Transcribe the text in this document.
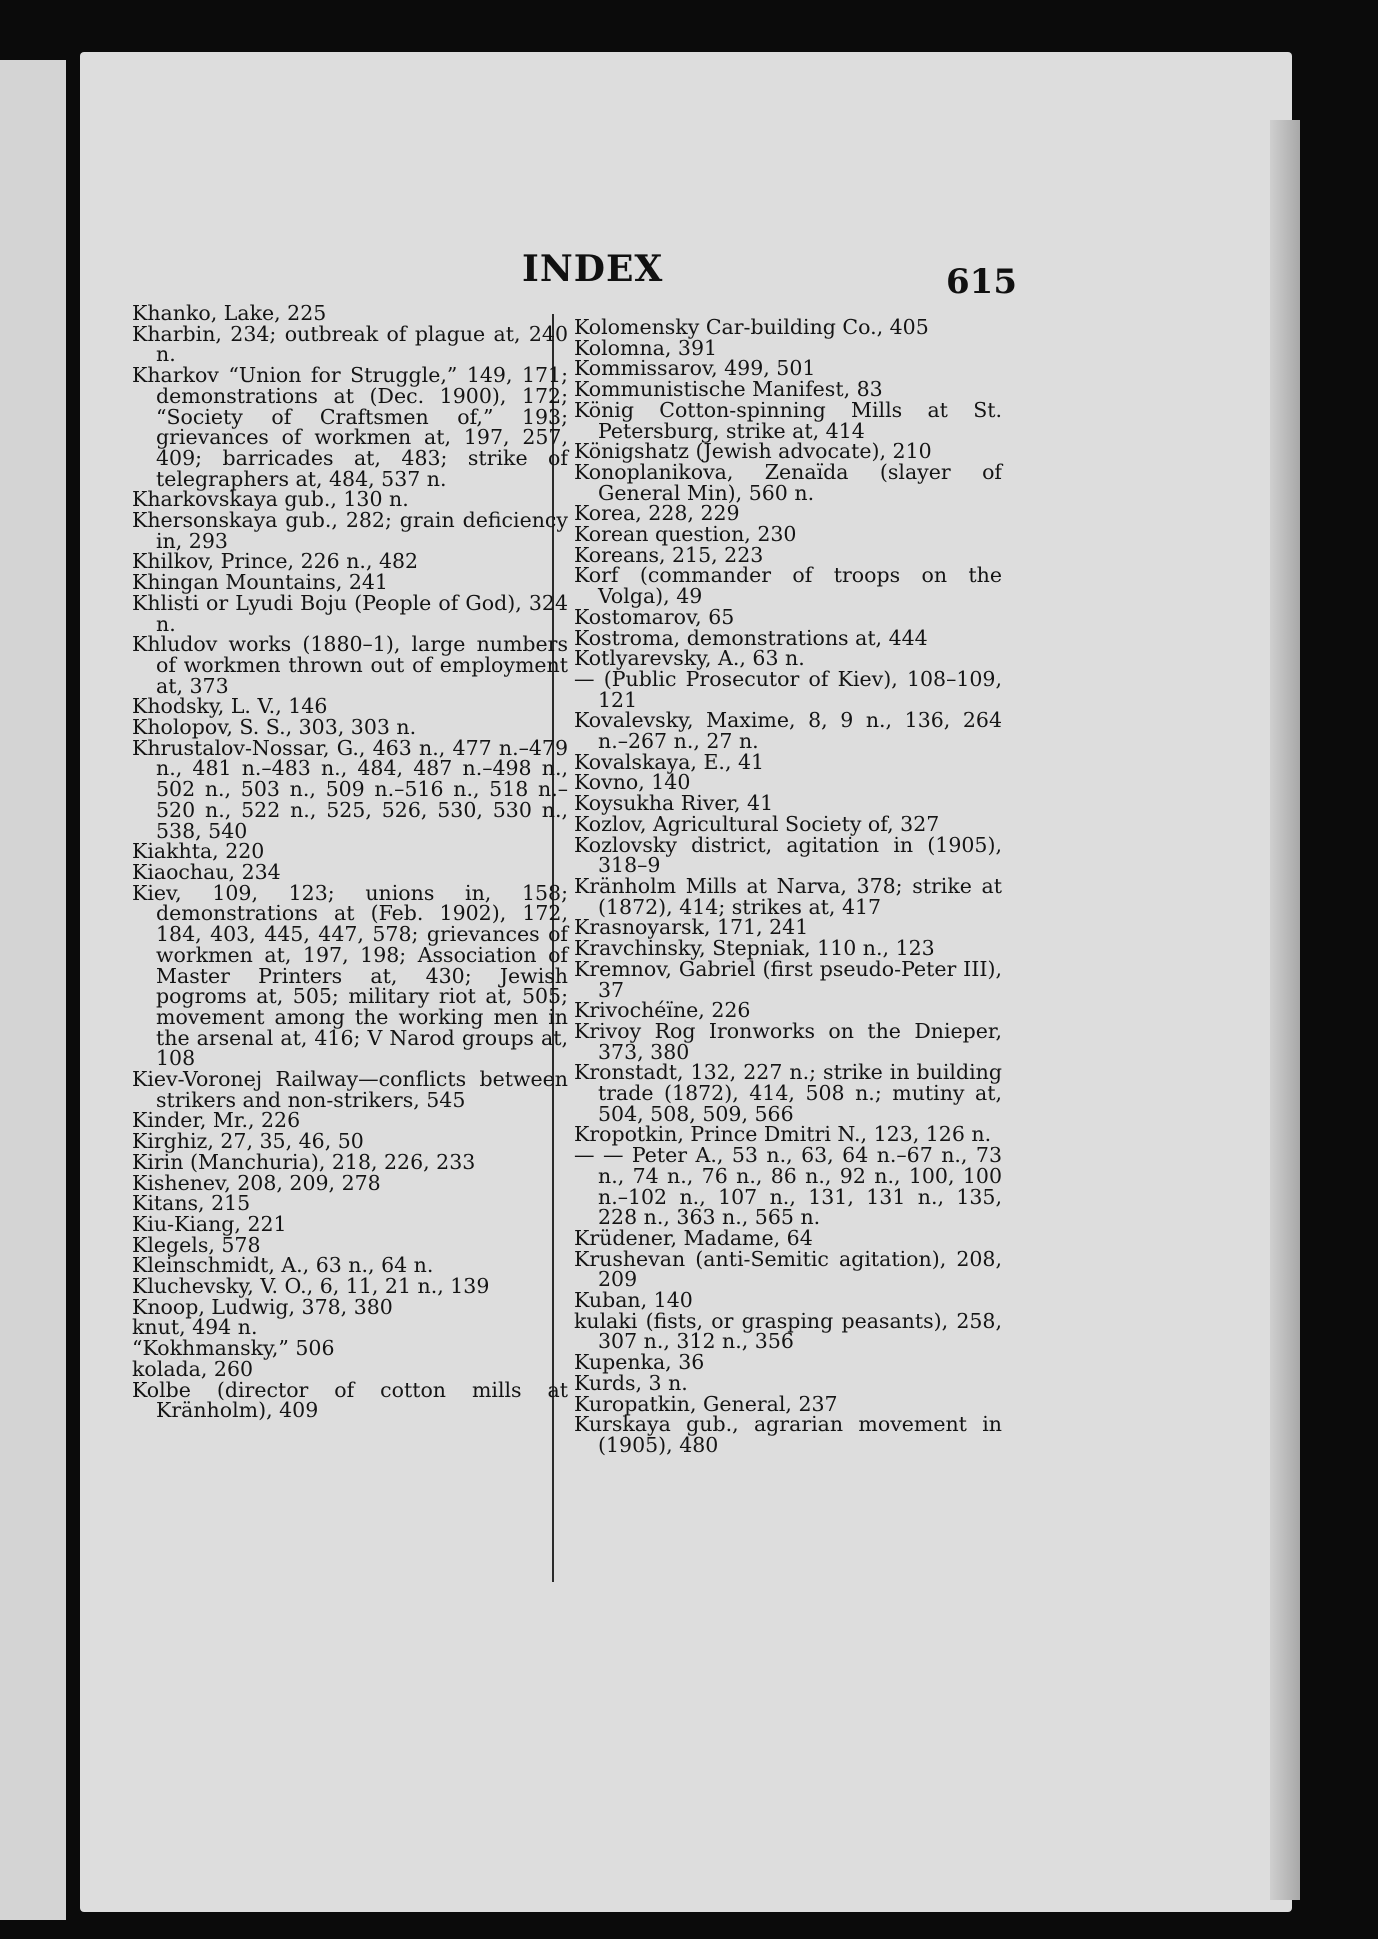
INDEX	615
Khanko, Lake, 225
Kharbin, 234; outbreak of plague at, 240 n.
Kharkov “Union for Struggle,” 149, 171; demonstrations at (Dec. 1900), 172; “Society of Craftsmen of,” 193; grievances of workmen at, 197, 257, 409; barricades at, 483; strike of telegraphers at, 484, 537 n.
Kharkovskaya gub., 130 n.
Khersonskaya gub., 282; grain deficiency in, 293
Khilkov, Prince, 226 n., 482
Khingan Mountains, 241
Khlisti or Lyudi Boju (People of God), 324 n.
Khludov works (1880–1), large numbers of workmen thrown out of employment at, 373
Khodsky, L. V., 146
Kholopov, S. S., 303, 303 n.
Khrustalov-Nossar, G., 463 n., 477 n.–479 n., 481 n.–483 n., 484, 487 n.–498 n., 502 n., 503 n., 509 n.–516 n., 518 n.–520 n., 522 n., 525, 526, 530, 530 n., 538, 540
Kiakhta, 220
Kiaochau, 234
Kiev, 109, 123; unions in, 158; demonstrations at (Feb. 1902), 172, 184, 403, 445, 447, 578; grievances of workmen at, 197, 198; Association of Master Printers at, 430; Jewish pogroms at, 505; military riot at, 505; movement among the working men in the arsenal at, 416; V Narod groups at, 108
Kiev-Voronej Railway—conflicts between strikers and non-strikers, 545
Kinder, Mr., 226
Kirghiz, 27, 35, 46, 50
Kirin (Manchuria), 218, 226, 233
Kishenev, 208, 209, 278
Kitans, 215
Kiu-Kiang, 221
Klegels, 578
Kleinschmidt, A., 63 n., 64 n.
Kluchevsky, V. O., 6, 11, 21 n., 139
Knoop, Ludwig, 378, 380
knut, 494 n.
“Kokhmansky,” 506
kolada, 260
Kolbe (director of cotton mills at Kränholm), 409
Kolomensky Car-building Co., 405
Kolomna, 391
Kommissarov, 499, 501
Kommunistische Manifest, 83
König Cotton-spinning Mills at St. Petersburg, strike at, 414
Königshatz (Jewish advocate), 210
Konoplanikova, Zenaïda (slayer of General Min), 560 n.
Korea, 228, 229
Korean question, 230
Koreans, 215, 223
Korf (commander of troops on the Volga), 49
Kostomarov, 65
Kostroma, demonstrations at, 444
Kotlyarevsky, A., 63 n.
— (Public Prosecutor of Kiev), 108–109, 121
Kovalevsky, Maxime, 8, 9 n., 136, 264 n.–267 n., 27 n.
Kovalskaya, E., 41
Kovno, 140
Koysukha River, 41
Kozlov, Agricultural Society of, 327
Kozlovsky district, agitation in (1905), 318–9
Kränholm Mills at Narva, 378; strike at (1872), 414; strikes at, 417
Krasnoyarsk, 171, 241
Kravchinsky, Stepniak, 110 n., 123
Kremnov, Gabriel (first pseudo-Peter III), 37
Krivochéïne, 226
Krivoy Rog Ironworks on the Dnieper, 373, 380
Kronstadt, 132, 227 n.; strike in building trade (1872), 414, 508 n.; mutiny at, 504, 508, 509, 566
Kropotkin, Prince Dmitri N., 123, 126 n.
— — Peter A., 53 n., 63, 64 n.–67 n., 73 n., 74 n., 76 n., 86 n., 92 n., 100, 100 n.–102 n., 107 n., 131, 131 n., 135, 228 n., 363 n., 565 n.
Krüdener, Madame, 64
Krushevan (anti-Semitic agitation), 208, 209
Kuban, 140
kulaki (fists, or grasping peasants), 258, 307 n., 312 n., 356
Kupenka, 36
Kurds, 3 n.
Kuropatkin, General, 237
Kurskaya gub., agrarian movement in (1905), 480
